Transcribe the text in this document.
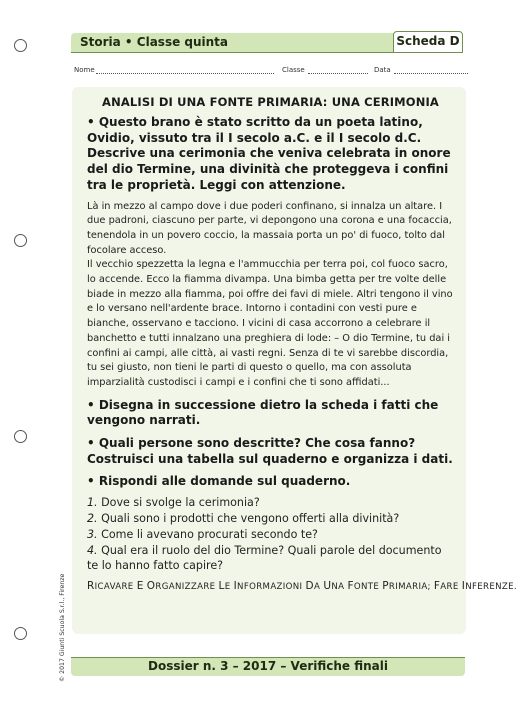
Storia • Classe quinta	Scheda D
Nome	Classe	Data
ANALISI DI UNA FONTE PRIMARIA: UNA CERIMONIA

• Questo brano è stato scritto da un poeta latino, Ovidio, vissuto tra il I secolo a.C. e il I secolo d.C. Descrive una cerimonia che veniva celebrata in onore del dio Termine, una divinità che proteggeva i confini tra le proprietà. Leggi con attenzione.

Là in mezzo al campo dove i due poderi confinano, si innalza un altare. I due padroni, ciascuno per parte, vi depongono una corona e una focaccia, tenendola in un povero coccio, la massaia porta un po' di fuoco, tolto dal focolare acceso.

Il vecchio spezzetta la legna e l'ammucchia per terra poi, col fuoco sacro, lo accende. Ecco la fiamma divampa. Una bimba getta per tre volte delle biade in mezzo alla fiamma, poi offre dei favi di miele. Altri tengono il vino e lo versano nell'ardente brace. Intorno i contadini con vesti pure e bianche, osservano e tacciono. I vicini di casa accorrono a celebrare il banchetto e tutti innalzano una preghiera di lode: – O dio Termine, tu dai i confini ai campi, alle città, ai vasti regni. Senza di te vi sarebbe discordia, tu sei giusto, non tieni le parti di questo o quello, ma con assoluta imparzialità custodisci i campi e i confini che ti sono affidati...

• Disegna in successione dietro la scheda i fatti che vengono narrati.

• Quali persone sono descritte? Che cosa fanno? Costruisci una tabella sul quaderno e organizza i dati.

• Rispondi alle domande sul quaderno.

1. Dove si svolge la cerimonia?

2. Quali sono i prodotti che vengono offerti alla divinità?

3. Come li avevano procurati secondo te?

4. Qual era il ruolo del dio Termine? Quali parole del documento te lo hanno fatto capire?

RICAVARE E ORGANIZZARE LE INFORMAZIONI DA UNA FONTE PRIMARIA; FARE INFERENZE.

Dossier n. 3 – 2017 – Verifiche finali
© 2017 Giunti Scuola S.r.l., Firenze
